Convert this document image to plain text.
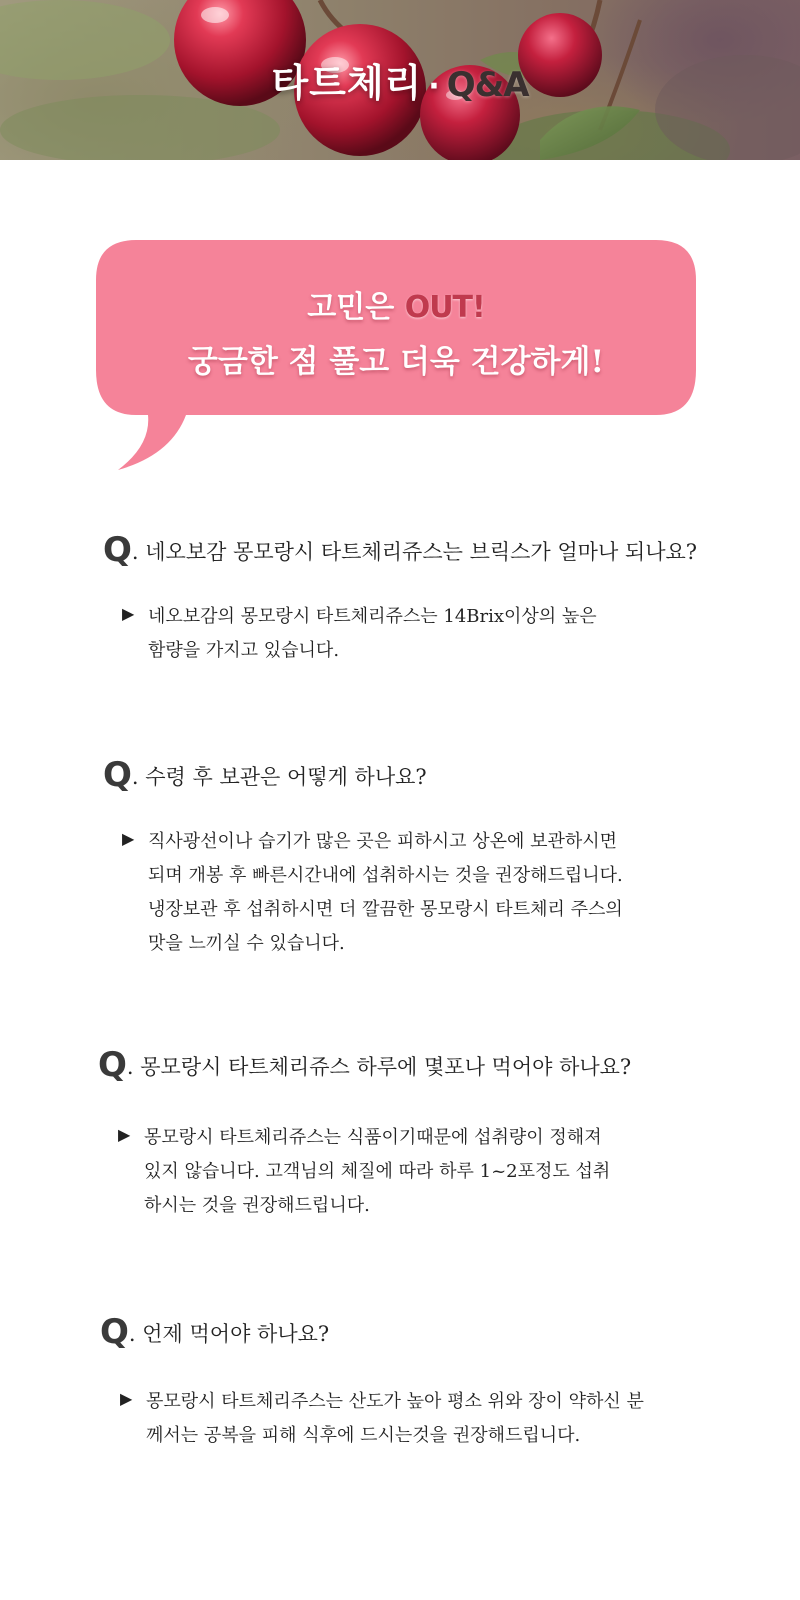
타트체리 · Q&A
고민은 OUT!
궁금한 점 풀고 더욱 건강하게!
Q. 네오보감 몽모랑시 타트체리쥬스는 브릭스가 얼마나 되나요?
▶ 네오보감의 몽모랑시 타트체리쥬스는 14Brix이상의 높은
함량을 가지고 있습니다.
Q. 수령 후 보관은 어떻게 하나요?
▶ 직사광선이나 습기가 많은 곳은 피하시고 상온에 보관하시면
되며 개봉 후 빠른시간내에 섭취하시는 것을 권장해드립니다.
냉장보관 후 섭취하시면 더 깔끔한 몽모랑시 타트체리 주스의
맛을 느끼실 수 있습니다.
Q. 몽모랑시 타트체리쥬스 하루에 몇포나 먹어야 하나요?
▶ 몽모랑시 타트체리쥬스는 식품이기때문에 섭취량이 정해져
있지 않습니다. 고객님의 체질에 따라 하루 1~2포정도 섭취
하시는 것을 권장해드립니다.
Q. 언제 먹어야 하나요?
▶ 몽모랑시 타트체리주스는 산도가 높아 평소 위와 장이 약하신 분
께서는 공복을 피해 식후에 드시는것을 권장해드립니다.
